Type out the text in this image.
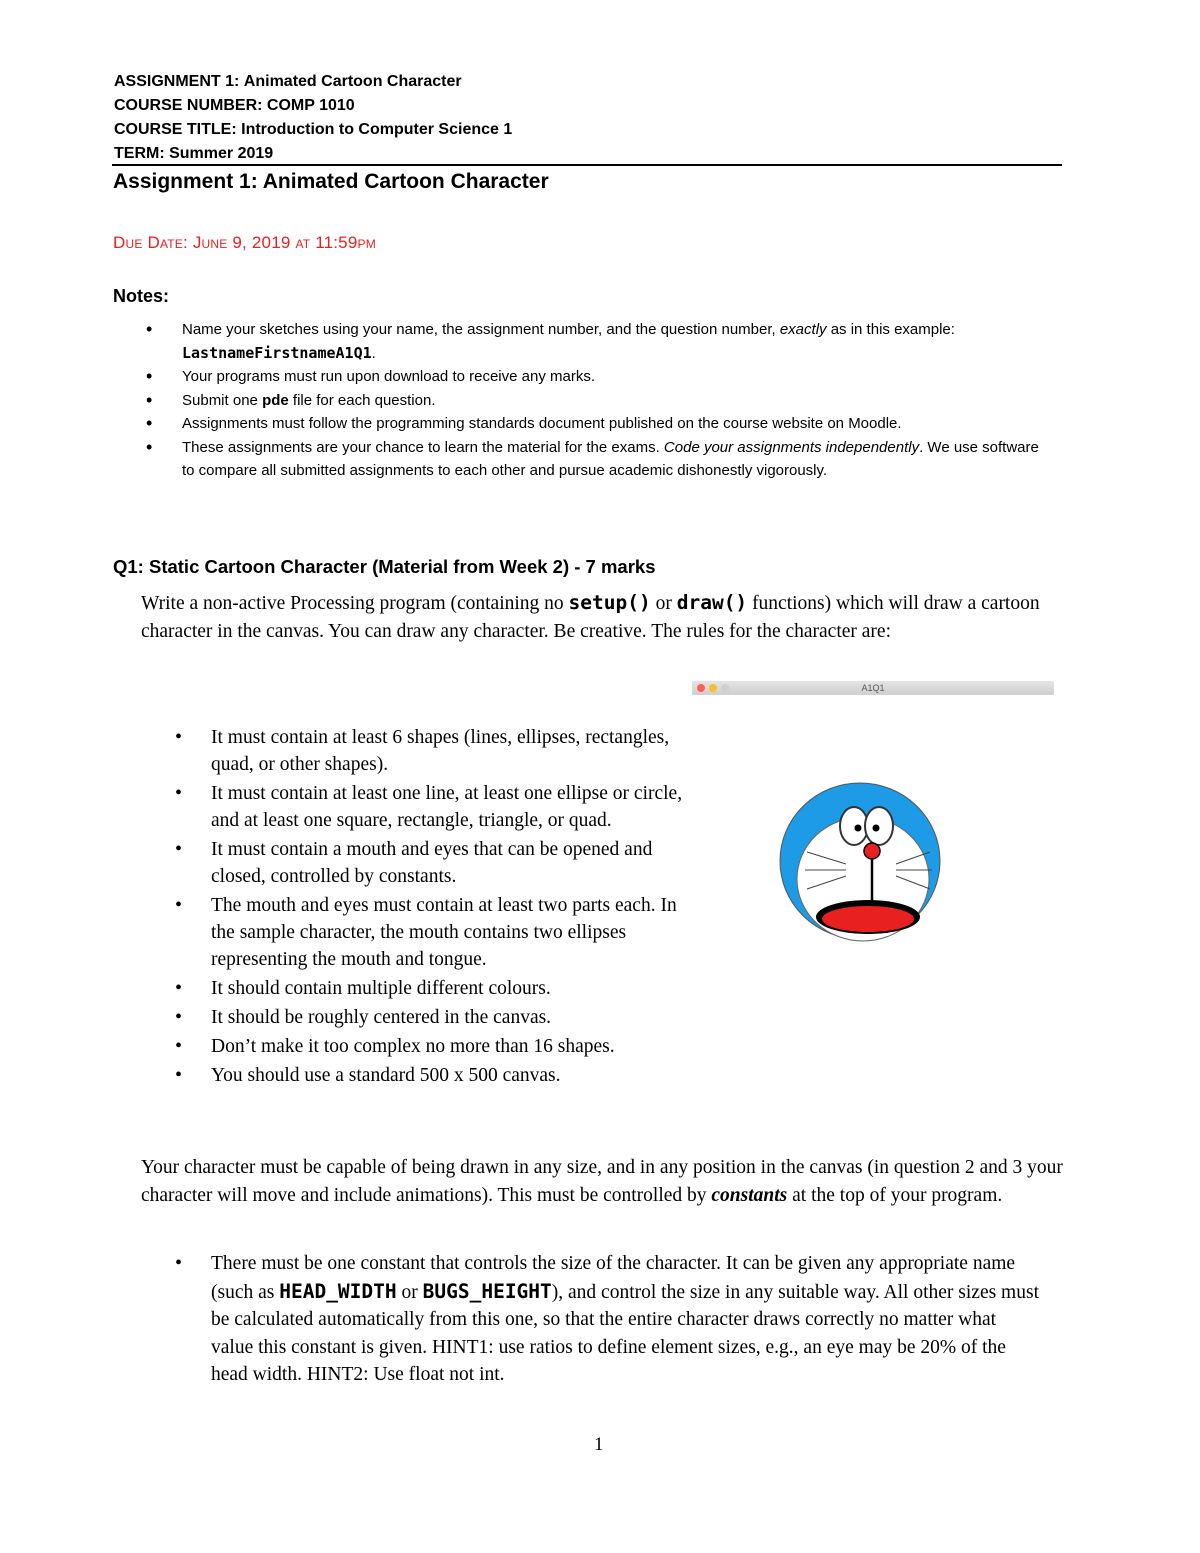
ASSIGNMENT 1: Animated Cartoon Character
COURSE NUMBER: COMP 1010
COURSE TITLE: Introduction to Computer Science 1
TERM: Summer 2019
Assignment 1: Animated Cartoon Character
Due Date: June 9, 2019 at 11:59pm
Notes:
• Name your sketches using your name, the assignment number, and the question number, exactly as in this example: LastnameFirstnameA1Q1.
• Your programs must run upon download to receive any marks.
• Submit one pde file for each question.
• Assignments must follow the programming standards document published on the course website on Moodle.
• These assignments are your chance to learn the material for the exams. Code your assignments independently. We use software to compare all submitted assignments to each other and pursue academic dishonestly vigorously.
Q1: Static Cartoon Character (Material from Week 2) - 7 marks
Write a non-active Processing program (containing no setup() or draw() functions) which will draw a cartoon character in the canvas. You can draw any character. Be creative. The rules for the character are:
A1Q1
• It must contain at least 6 shapes (lines, ellipses, rectangles, quad, or other shapes).
• It must contain at least one line, at least one ellipse or circle, and at least one square, rectangle, triangle, or quad.
• It must contain a mouth and eyes that can be opened and closed, controlled by constants.
• The mouth and eyes must contain at least two parts each. In the sample character, the mouth contains two ellipses representing the mouth and tongue.
• It should contain multiple different colours.
• It should be roughly centered in the canvas.
• Don’t make it too complex no more than 16 shapes.
• You should use a standard 500 x 500 canvas.
Your character must be capable of being drawn in any size, and in any position in the canvas (in question 2 and 3 your character will move and include animations). This must be controlled by constants at the top of your program.
• There must be one constant that controls the size of the character. It can be given any appropriate name (such as HEAD_WIDTH or BUGS_HEIGHT), and control the size in any suitable way. All other sizes must be calculated automatically from this one, so that the entire character draws correctly no matter what value this constant is given. HINT1: use ratios to define element sizes, e.g., an eye may be 20% of the head width. HINT2: Use float not int.
1
